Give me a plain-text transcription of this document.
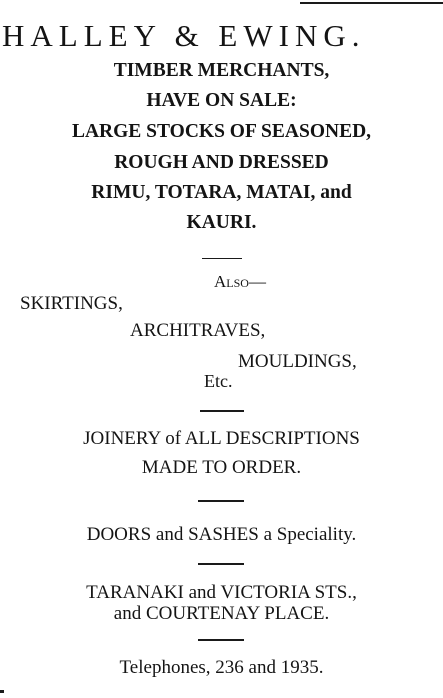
HALLEY & EWING.
TIMBER MERCHANTS,
HAVE ON SALE:
LARGE STOCKS OF SEASONED,
ROUGH AND DRESSED
RIMU, TOTARA, MATAI, and
KAURI.
Also—
SKIRTINGS,
ARCHITRAVES,
MOULDINGS,
Etc.
JOINERY of ALL DESCRIPTIONS
MADE TO ORDER.
DOORS and SASHES a Speciality.
TARANAKI and VICTORIA STS.,
and COURTENAY PLACE.
Telephones, 236 and 1935.
